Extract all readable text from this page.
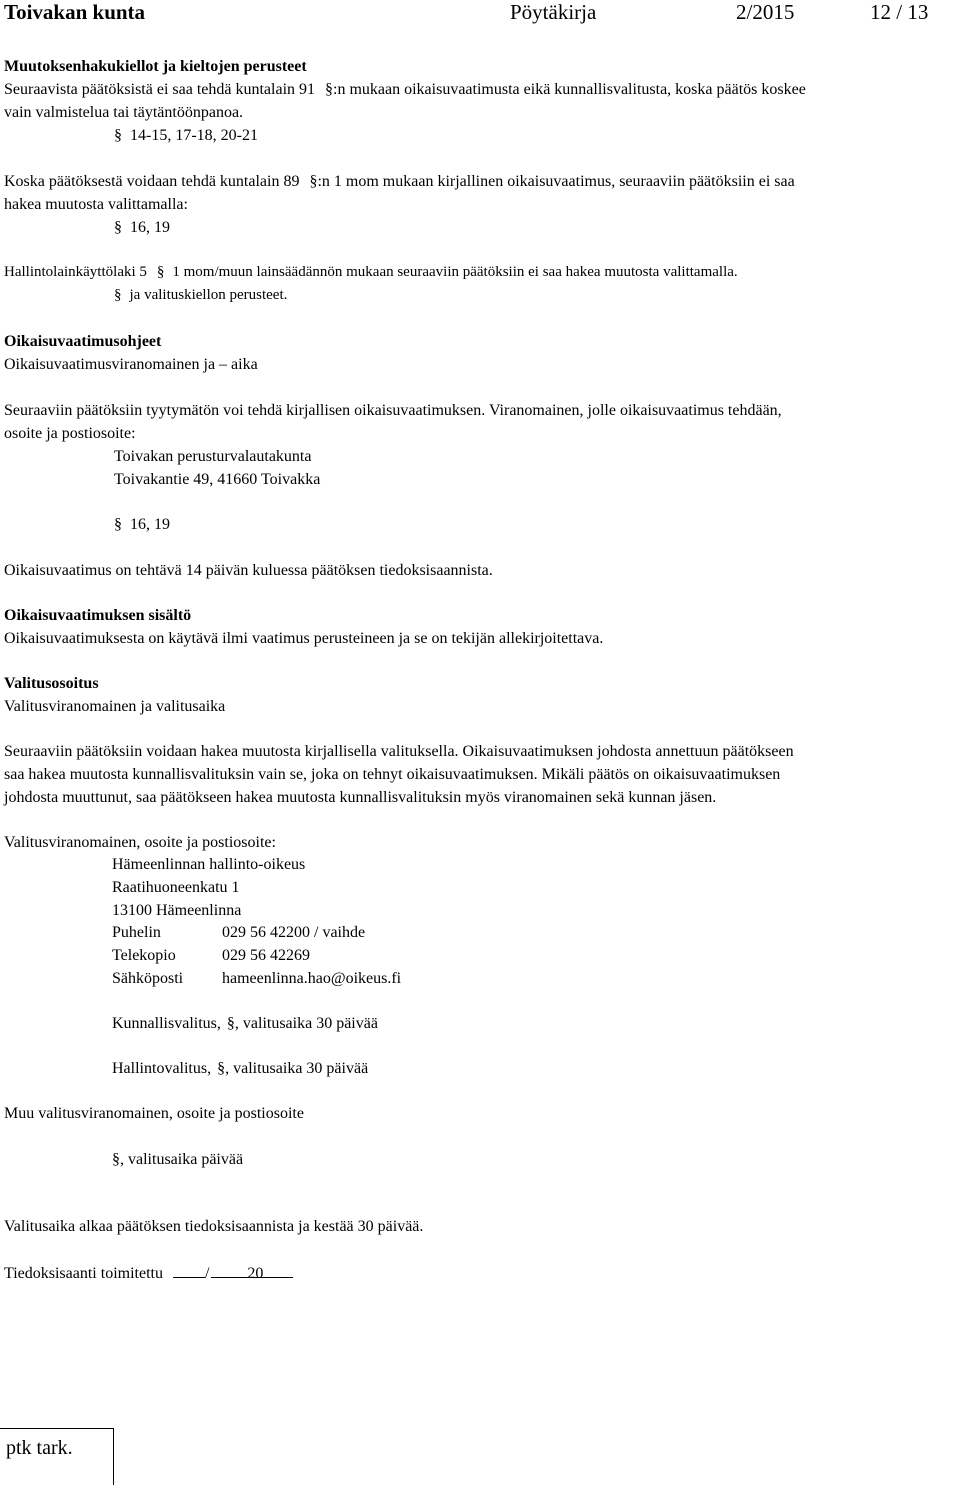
Toivakan kunta	Pöytäkirja	2/2015	12 / 13
Muutoksenhakukiellot ja kieltojen perusteet
Seuraavista päätöksistä ei saa tehdä kuntalain 91 §:n mukaan oikaisuvaatimusta eikä kunnallisvalitusta, koska päätös koskee
vain valmistelua tai täytäntöönpanoa.
§ 14-15, 17-18, 20-21
Koska päätöksestä voidaan tehdä kuntalain 89 §:n 1 mom mukaan kirjallinen oikaisuvaatimus, seuraaviin päätöksiin ei saa
hakea muutosta valittamalla:
§ 16, 19
Hallintolainkäyttölaki 5 § 1 mom/muun lainsäädännön mukaan seuraaviin päätöksiin ei saa hakea muutosta valittamalla.
§ ja valituskiellon perusteet.
Oikaisuvaatimusohjeet
Oikaisuvaatimusviranomainen ja – aika
Seuraaviin päätöksiin tyytymätön voi tehdä kirjallisen oikaisuvaatimuksen. Viranomainen, jolle oikaisuvaatimus tehdään,
osoite ja postiosoite:
Toivakan perusturvalautakunta
Toivakantie 49, 41660 Toivakka
§ 16, 19
Oikaisuvaatimus on tehtävä 14 päivän kuluessa päätöksen tiedoksisaannista.
Oikaisuvaatimuksen sisältö
Oikaisuvaatimuksesta on käytävä ilmi vaatimus perusteineen ja se on tekijän allekirjoitettava.
Valitusosoitus
Valitusviranomainen ja valitusaika
Seuraaviin päätöksiin voidaan hakea muutosta kirjallisella valituksella. Oikaisuvaatimuksen johdosta annettuun päätökseen
saa hakea muutosta kunnallisvalituksin vain se, joka on tehnyt oikaisuvaatimuksen. Mikäli päätös on oikaisuvaatimuksen
johdosta muuttunut, saa päätökseen hakea muutosta kunnallisvalituksin myös viranomainen sekä kunnan jäsen.
Valitusviranomainen, osoite ja postiosoite:
Hämeenlinnan hallinto-oikeus
Raatihuoneenkatu 1
13100 Hämeenlinna
Puhelin	029 56 42200 / vaihde
Telekopio	029 56 42269
Sähköposti hameenlinna.hao@oikeus.fi
Kunnallisvalitus, §, valitusaika 30 päivää
Hallintovalitus, §, valitusaika 30 päivää
Muu valitusviranomainen, osoite ja postiosoite
§, valitusaika päivää
Valitusaika alkaa päätöksen tiedoksisaannista ja kestää 30 päivää.
Tiedoksisaanti toimitettu	/ 20
ptk tark.
